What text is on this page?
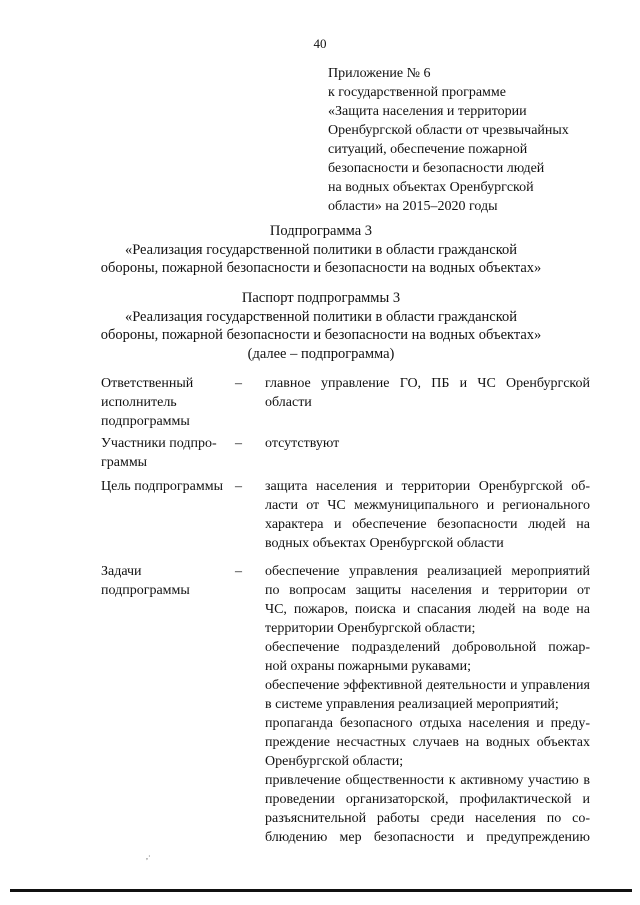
40
Приложение № 6
к государственной программе
«Защита населения и территории
Оренбургской области от чрезвычайных
ситуаций, обеспечение пожарной
безопасности и безопасности людей
на водных объектах Оренбургской
области» на 2015–2020 годы
Подпрограмма 3
«Реализация государственной политики в области гражданской
обороны, пожарной безопасности и безопасности на водных объектах»
Паспорт подпрограммы 3
«Реализация государственной политики в области гражданской
обороны, пожарной безопасности и безопасности на водных объектах»
(далее – подпрограмма)
Ответственный
исполнитель
подпрограммы
– главное управление ГО, ПБ и ЧС Оренбургской
области
Участники подпро-
граммы
– отсутствуют
Цель подпрограммы – защита населения и территории Оренбургской об-
ласти от ЧС межмуниципального и регионального
характера и обеспечение безопасности людей на
водных объектах Оренбургской области
Задачи
подпрограммы
– обеспечение управления реализацией мероприятий
по вопросам защиты населения и территории от
ЧС, пожаров, поиска и спасания людей на воде на
территории Оренбургской области;
обеспечение подразделений добровольной пожар-
ной охраны пожарными рукавами;
обеспечение эффективной деятельности и управления
в системе управления реализацией мероприятий;
пропаганда безопасного отдыха населения и преду-
преждение несчастных случаев на водных объектах
Оренбургской области;
привлечение общественности к активному участию в
проведении организаторской, профилактической и
разъяснительной работы среди населения по со-
блюдению мер безопасности и предупреждению
,·
